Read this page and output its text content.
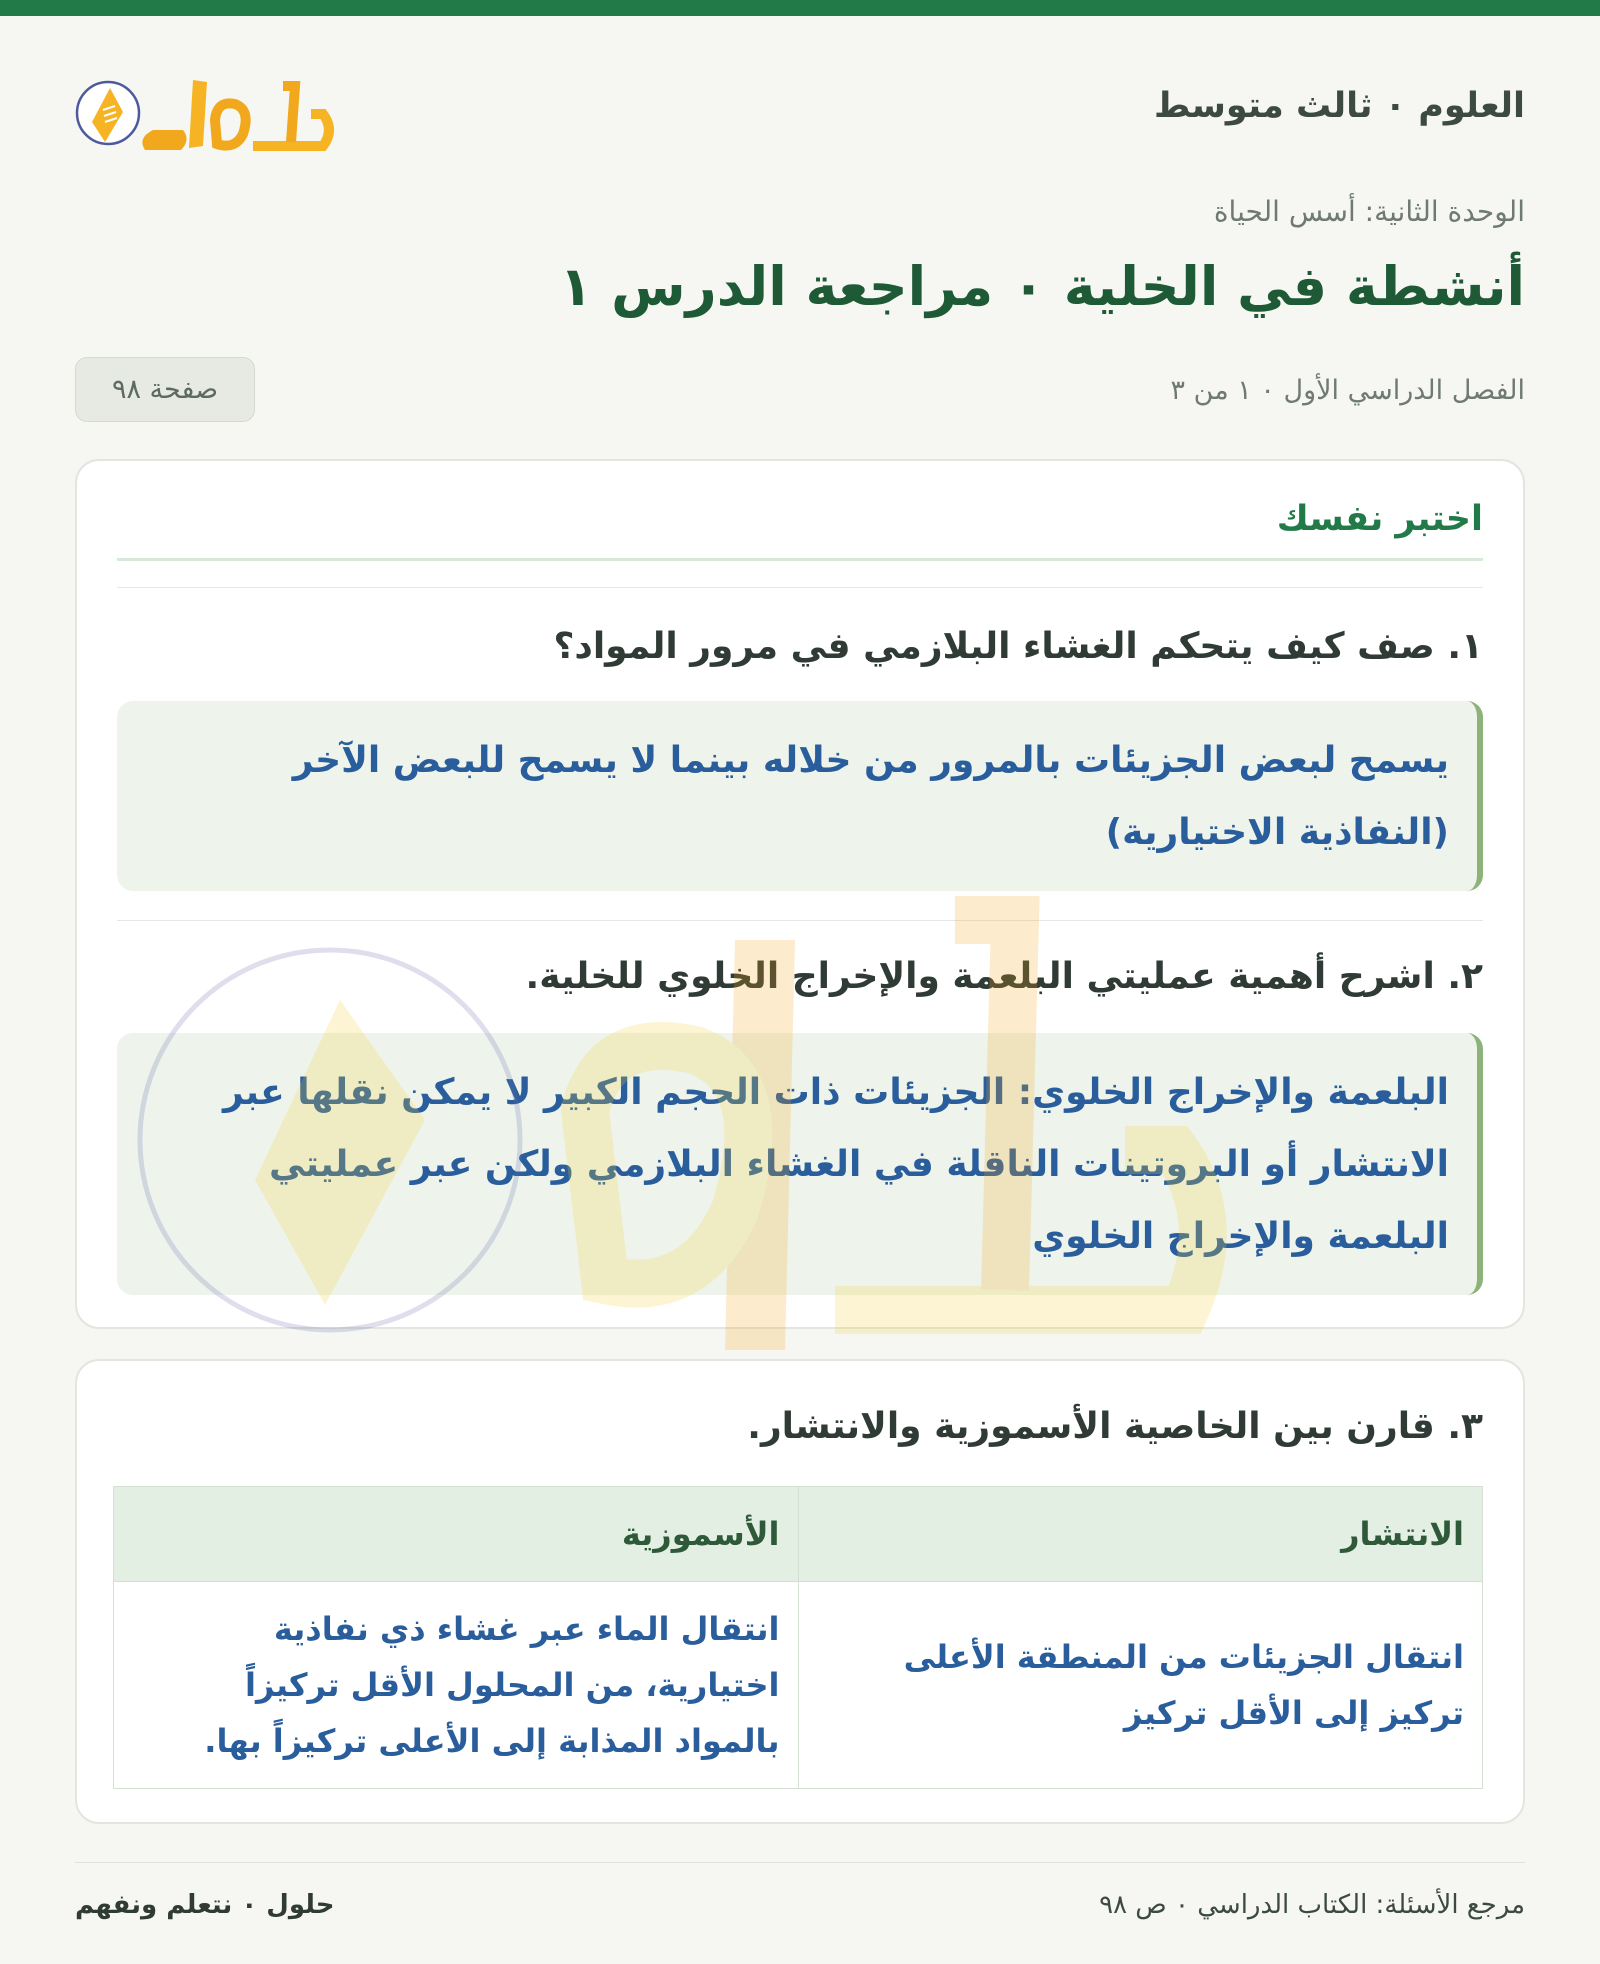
العلوم ٠ ثالث متوسط
الوحدة الثانية: أسس الحياة
أنشطة في الخلية ٠ مراجعة الدرس ١
الفصل الدراسي الأول ٠ ١ من ٣
صفحة ٩٨
اختبر نفسك
١. صف كيف يتحكم الغشاء البلازمي في مرور المواد؟
يسمح لبعض الجزيئات بالمرور من خلاله بينما لا يسمح للبعض الآخر (النفاذية الاختيارية)
٢. اشرح أهمية عمليتي البلعمة والإخراج الخلوي للخلية.
البلعمة والإخراج الخلوي: الجزيئات ذات الحجم الكبير لا يمكن نقلها عبر الانتشار أو البروتينات الناقلة في الغشاء البلازمي ولكن عبر عمليتي البلعمة والإخراج الخلوي
٣. قارن بين الخاصية الأسموزية والانتشار.
الانتشار	الأسموزية
انتقال الجزيئات من المنطقة الأعلى تركيز إلى الأقل تركيز	انتقال الماء عبر غشاء ذي نفاذية اختيارية، من المحلول الأقل تركيزاً بالمواد المذابة إلى الأعلى تركيزاً بها.
مرجع الأسئلة: الكتاب الدراسي ٠ ص ٩٨
حلول ٠ نتعلم ونفهم
